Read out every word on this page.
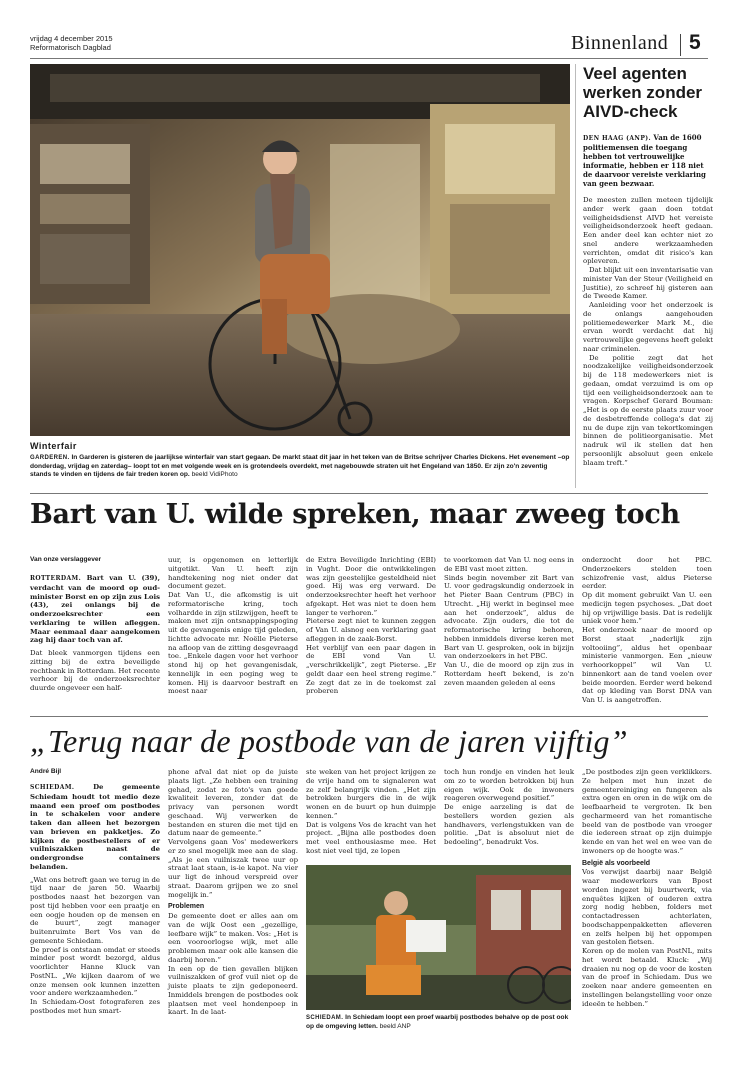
vrijdag 4 december 2015
Reformatorisch Dagblad	Binnenland 5
Winterfair
GARDEREN. In Garderen is gisteren de jaarlijkse winterfair van start gegaan. De markt staat dit jaar in het teken van de Britse schrijver Charles Dickens. Het evenement –op donderdag, vrijdag en zaterdag– loopt tot en met volgende week en is grotendeels overdekt, met nagebouwde straten uit het Engeland van 1850. Er zijn zo'n zeventig stands te vinden en tijdens de fair treden koren op. beeld VidiPhoto
Veel agenten werken zonder AIVD-check
DEN HAAG (ANP). Van de 1600 politiemensen die toegang hebben tot vertrouwelijke informatie, hebben er 118 niet de daarvoor vereiste verklaring van geen bezwaar.

De meesten zullen meteen tijdelijk ander werk gaan doen totdat veiligheidsdienst AIVD het vereiste veiligheidsonderzoek heeft gedaan. Een ander deel kan echter niet zo snel andere werkzaamheden verrichten, omdat dit risico's kan opleveren.

Dat blijkt uit een inventarisatie van minister Van der Steur (Veiligheid en Justitie), zo schreef hij gisteren aan de Tweede Kamer.

Aanleiding voor het onderzoek is de onlangs aangehouden politiemedewerker Mark M., die ervan wordt verdacht dat hij vertrouwelijke gegevens heeft gelekt naar criminelen.

De politie zegt dat het noodzakelijke veiligheidsonderzoek bij de 118 medewerkers niet is gedaan, omdat verzuimd is om op tijd een veiligheidsonderzoek aan te vragen. Korpschef Gerard Bouman: „Het is op de eerste plaats zuur voor de desbetreffende collega's dat zij nu de dupe zijn van tekortkomingen binnen de politieorganisatie. Met nadruk wil ik stellen dat hen persoonlijk absoluut geen enkele blaam treft.”

Bart van U. wilde spreken, maar zweeg toch
Van onze verslaggever

ROTTERDAM. Bart van U. (39), verdacht van de moord op oud-minister Borst en op zijn zus Lois (43), zei onlangs bij de onderzoeksrechter een verklaring te willen afleggen. Maar eenmaal daar aangekomen zag hij daar toch van af.

Dat bleek vanmorgen tijdens een zitting bij de extra beveiligde rechtbank in Rotterdam. Het recente verhoor bij de onderzoeksrechter duurde ongeveer een half-

uur, is opgenomen en letterlijk uitgetikt. Van U. heeft zijn handtekening nog niet onder dat document gezet.
Dat Van U., die afkomstig is uit reformatorische kring, toch volhardde in zijn stilzwijgen, heeft te maken met zijn ontsnappingspoging uit de gevangenis enige tijd geleden, lichtte advocate mr. Noëlle Pieterse na afloop van de zitting desgevraagd toe. „Enkele dagen voor het verhoor stond hij op het gevangenisdak, kennelijk in een poging weg te komen. Hij is daarvoor bestraft en moest naar
de Extra Beveiligde Inrichting (EBI) in Vught. Door die ontwikkelingen was zijn geestelijke gesteldheid niet goed. Hij was erg verward. De onderzoeksrechter heeft het verhoor afgekapt. Het was niet te doen hem langer te verhoren.”
Pieterse zegt niet te kunnen zeggen of Van U. alsnog een verklaring gaat afleggen in de zaak-Borst.
Het verblijf van een paar dagen in de EBI vond Van U. „verschrikkelijk”, zegt Pieterse. „Er geldt daar een heel streng regime.” Ze zegt dat ze in de toekomst zal proberen
te voorkomen dat Van U. nog eens in de EBI vast moet zitten.
Sinds begin november zit Bart van U. voor gedragskundig onderzoek in het Pieter Baan Centrum (PBC) in Utrecht. „Hij werkt in beginsel mee aan het onderzoek”, aldus de advocate. Zijn ouders, die tot de reformatorische kring behoren, hebben inmiddels diverse keren met Bart van U. gesproken, ook in bijzijn van onderzoekers in het PBC.
Van U., die de moord op zijn zus in Rotterdam heeft bekend, is zo'n zeven maanden geleden al eens
onderzocht door het PBC. Onderzoekers stelden toen schizofrenie vast, aldus Pieterse eerder.
Op dit moment gebruikt Van U. een medicijn tegen psychoses. „Dat doet hij op vrijwillige basis. Dat is redelijk uniek voor hem.”
Het onderzoek naar de moord op Borst staat „naderlijk zijn voltooiing”, aldus het openbaar ministerie vanmorgen. Een „nieuw verhoorkoppel” wil Van U. binnenkort aan de tand voelen over beide moorden. Eerder werd bekend dat op kleding van Borst DNA van Van U. is aangetroffen.
„Terug naar de postbode van de jaren vijftig”
André Bijl

SCHIEDAM. De gemeente Schiedam houdt tot medio deze maand een proef om postbodes in te schakelen voor andere taken dan alleen het bezorgen van brieven en pakketjes. Zo kijken de postbestellers of er vuilniszakken naast de ondergrondse containers belanden.

„Wat ons betreft gaan we terug in de tijd naar de jaren 50. Waarbij postbodes naast het bezorgen van post tijd hebben voor een praatje en een oogje houden op de mensen en de buurt”, zegt manager buitenruimte Bert Vos van de gemeente Schiedam.
De proef is ontstaan omdat er steeds minder post wordt bezorgd, aldus voorlichter Hanne Kluck van PostNL. „We kijken daarom of we onze mensen ook kunnen inzetten voor andere werkzaamheden.”
In Schiedam-Oost fotograferen zes postbodes met hun smart-

phone afval dat niet op de juiste plaats ligt. „Ze hebben een training gehad, zodat ze foto's van goede kwaliteit leveren, zonder dat de privacy van personen wordt geschaad. Wij verwerken de bestanden en sturen die met tijd en datum naar de gemeente.”
Vervolgens gaan Vos' medewerkers er zo snel mogelijk mee aan de slag. „Als je een vuilniszak twee uur op straat laat staan, is-ie kapot. Na vier uur ligt de inhoud verspreid over straat. Daarom grijpen we zo snel mogelijk in.”

Problemen

De gemeente doet er alles aan om van de wijk Oost een „gezellige, leefbare wijk” te maken. Vos: „Het is een vooroorlogse wijk, met alle problemen maar ook alle kansen die daarbij horen.”
In een op de tien gevallen blijken vuilniszakken of grof vuil niet op de juiste plaats te zijn gedeponeerd. Inmiddels brengen de postbodes ook plaatsen met veel hondenpoep in kaart. In de laat-

ste weken van het project krijgen ze de vrije hand om te signaleren wat ze zelf belangrijk vinden. „Het zijn betrokken burgers die in de wijk wonen en de buurt op hun duimpje kennen.”
Dat is volgens Vos de kracht van het project. „Bijna alle postbodes doen met veel enthousiasme mee. Het kost niet veel tijd, ze lopen
toch hun rondje en vinden het leuk om zo te worden betrokken bij hun eigen wijk. Ook de inwoners reageren overwegend positief.”
De enige aarzeling is dat de bestellers worden gezien als handhavers, verlengstukken van de politie. „Dat is absoluut niet de bedoeling”, benadrukt Vos.
SCHIEDAM. In Schiedam loopt een proef waarbij postbodes behalve op de post ook op de omgeving letten. beeld ANP

„De postbodes zijn geen verklikkers. Ze helpen met hun inzet de gemeentereiniging en fungeren als extra ogen en oren in de wijk om de leefbaarheid te vergroten. Ik ben gecharmeerd van het romantische beeld van de postbode van vroeger die iedereen straat op zijn duimpje kende en van het wel en wee van de inwoners op de hoogte was.”

België als voorbeeld

Vos verwijst daarbij naar België waar medewerkers van Bpost worden ingezet bij buurtwerk, via enquêtes kijken of ouderen extra zorg nodig hebben, folders met contactadressen achterlaten, boodschappenpakketten afleveren en zelfs helpen bij het oppompen van gestolen fietsen.
Koren op de molen van PostNL, mits het wordt betaald. Kluck: „Wij draaien nu nog op de voor de kosten van de proef in Schiedam. Dus we zoeken naar andere gemeenten en instellingen belangstelling voor onze ideeën te hebben.”
